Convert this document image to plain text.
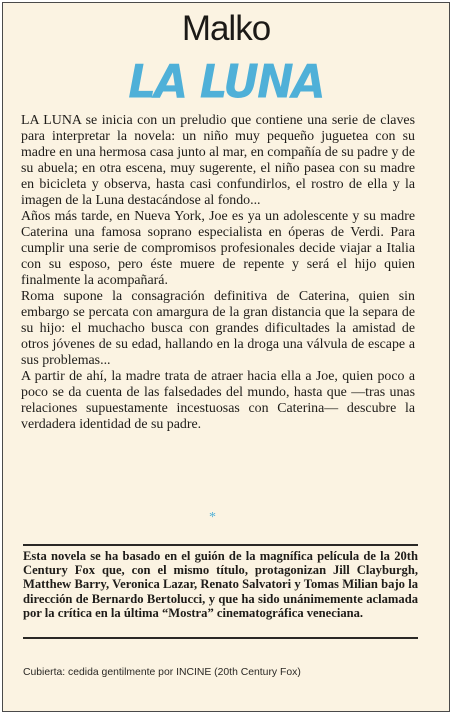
Malko
LA LUNA

LA LUNA se inicia con un preludio que contiene una serie de claves para interpretar la novela: un niño muy pequeño juguetea con su madre en una hermosa casa junto al mar, en compañía de su padre y de su abuela; en otra escena, muy sugerente, el niño pasea con su madre en bicicleta y observa, hasta casi confundirlos, el rostro de ella y la imagen de la Luna destacándose al fondo...

Años más tarde, en Nueva York, Joe es ya un adolescente y su madre Caterina una famosa soprano especialista en óperas de Verdi. Para cumplir una serie de compromisos profesionales decide viajar a Italia con su esposo, pero éste muere de repente y será el hijo quien finalmente la acompañará.

Roma supone la consagración definitiva de Caterina, quien sin embargo se percata con amargura de la gran distancia que la separa de su hijo: el muchacho busca con grandes dificultades la amistad de otros jóvenes de su edad, hallando en la droga una válvula de escape a sus problemas...

A partir de ahí, la madre trata de atraer hacia ella a Joe, quien poco a poco se da cuenta de las falsedades del mundo, hasta que —tras unas relaciones supuestamente incestuosas con Caterina— descubre la verdadera identidad de su padre.

*
Esta novela se ha basado en el guión de la magnífica película de la 20th Century Fox que, con el mismo título, protagonizan Jill Clayburgh, Matthew Barry, Veronica Lazar, Renato Salvatori y Tomas Milian bajo la dirección de Bernardo Bertolucci, y que ha sido unánimemente aclamada por la crítica en la última “Mostra” cinematográfica veneciana.
Cubierta: cedida gentilmente por INCINE (20th Century Fox)
